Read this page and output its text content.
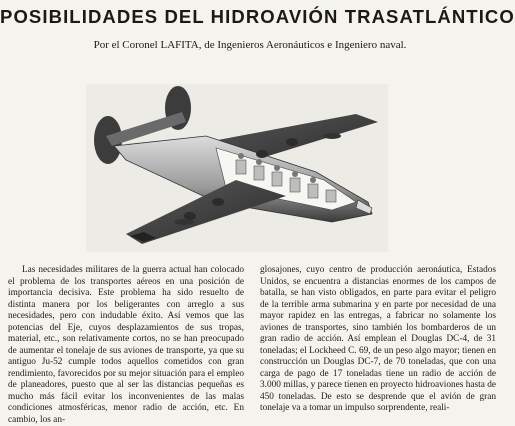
POSIBILIDADES DEL HIDROAVIÓN TRASATLÁNTICO
Por el Coronel LAFITA, de Ingenieros Aeronáuticos e Ingeniero naval.

Las necesidades militares de la guerra actual han colocado el problema de los transportes aéreos en una posición de importancia decisiva. Este problema ha sido resuelto de distinta manera por los beligerantes con arreglo a sus necesidades, pero con indudable éxito. Así vemos que las potencias del Eje, cuyos desplazamientos de sus tropas, material, etc., son relativamente cortos, no se han preocupado de aumentar el tonelaje de sus aviones de transporte, ya que su antiguo Ju-52 cumple todos aquellos cometidos con gran rendimiento, favorecidos por su mejor situación para el empleo de planeadores, puesto que al ser las distancias pequeñas es mucho más fácil evitar los inconvenientes de las malas condiciones atmosféricas, menor radio de acción, etc. En cambio, los an-

glosajones, cuyo centro de producción aeronáutica, Estados Unidos, se encuentra a distancias enormes de los campos de batalla, se han visto obligados, en parte para evitar el peligro de la terrible arma submarina y en parte por necesidad de una mayor rapidez en las entregas, a fabricar no solamente los aviones de transportes, sino también los bombarderos de un gran radio de acción. Así emplean el Douglas DC-4, de 31 toneladas; el Lockheed C. 69, de un peso algo mayor; tienen en construcción un Douglas DC-7, de 70 toneladas, que con una carga de pago de 17 toneladas tiene un radio de acción de 3.000 millas, y parece tienen en proyecto hidroaviones hasta de 450 toneladas. De esto se desprende que el avión de gran tonelaje va a tomar un impulso sorprendente, reali-
